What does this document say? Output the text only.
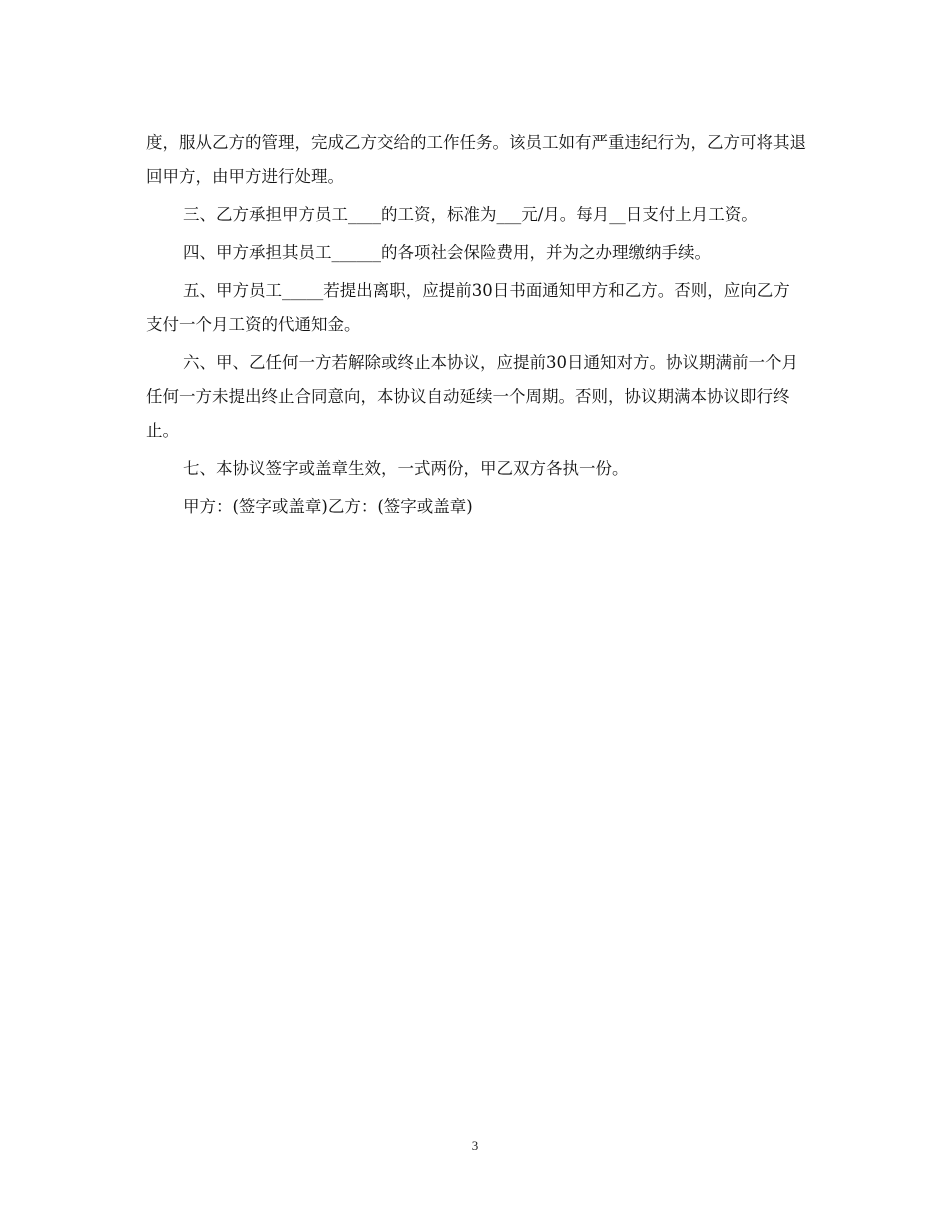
度，服从乙方的管理，完成乙方交给的工作任务。该员工如有严重违纪行为，乙方可将其退回甲方，由甲方进行处理。

三、乙方承担甲方员工____的工资，标准为___元/月。每月__日支付上月工资。

四、甲方承担其员工______的各项社会保险费用，并为之办理缴纳手续。

五、甲方员工_____若提出离职，应提前30日书面通知甲方和乙方。否则，应向乙方支付一个月工资的代通知金。

六、甲、乙任何一方若解除或终止本协议，应提前30日通知对方。协议期满前一个月任何一方未提出终止合同意向，本协议自动延续一个周期。否则，协议期满本协议即行终止。

七、本协议签字或盖章生效，一式两份，甲乙双方各执一份。

甲方：(签字或盖章)乙方：(签字或盖章)

3
